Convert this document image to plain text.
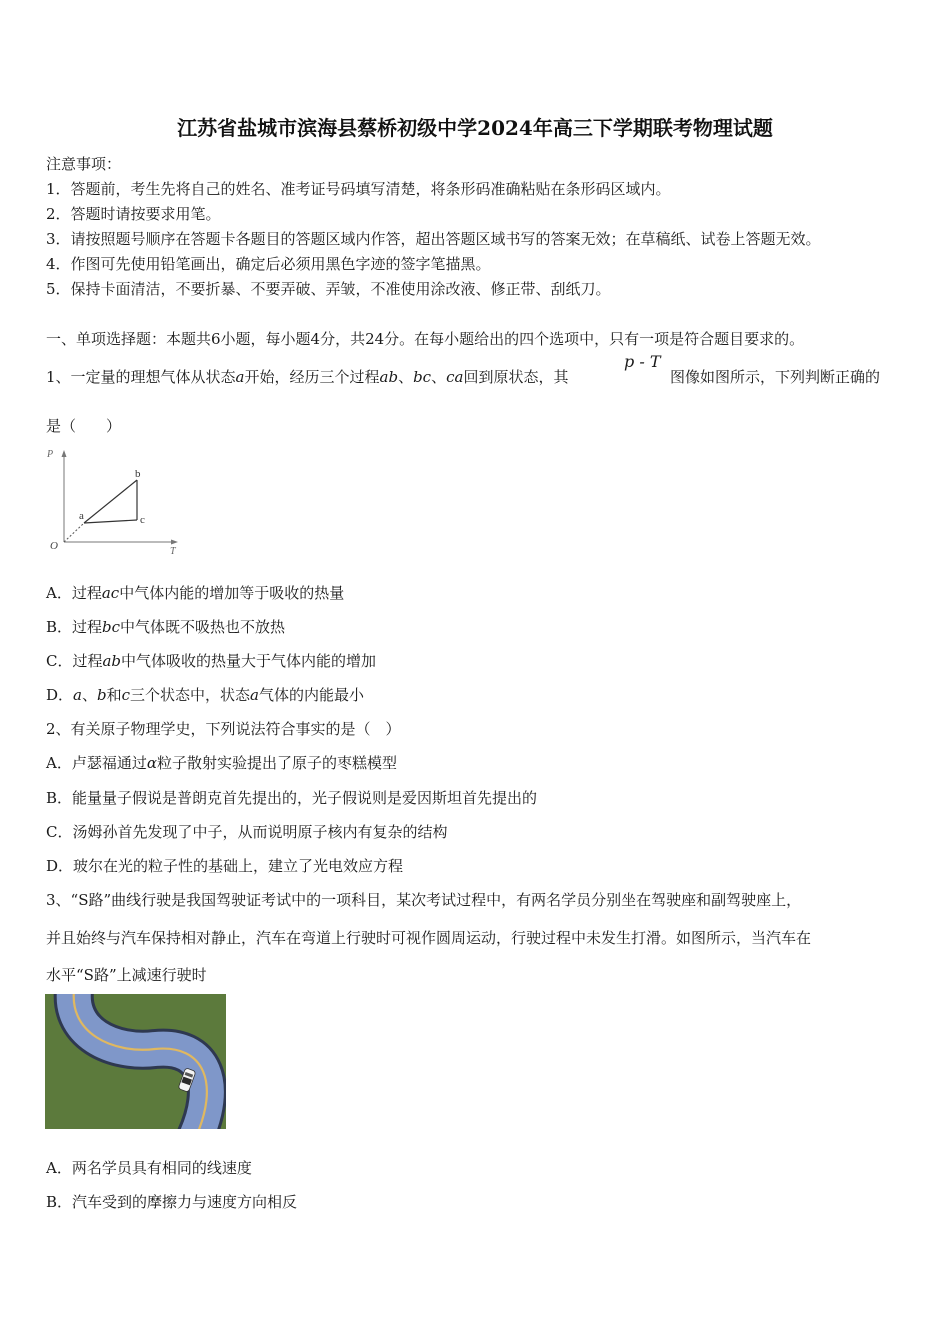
江苏省盐城市滨海县蔡桥初级中学2024年高三下学期联考物理试题
注意事项：
1．答题前，考生先将自己的姓名、准考证号码填写清楚，将条形码准确粘贴在条形码区域内。
2．答题时请按要求用笔。
3．请按照题号顺序在答题卡各题目的答题区域内作答，超出答题区域书写的答案无效；在草稿纸、试卷上答题无效。
4．作图可先使用铅笔画出，确定后必须用黑色字迹的签字笔描黑。
5．保持卡面清洁，不要折暴、不要弄破、弄皱，不准使用涂改液、修正带、刮纸刀。
一、单项选择题：本题共6小题，每小题4分，共24分。在每小题给出的四个选项中，只有一项是符合题目要求的。
1、一定量的理想气体从状态a开始，经历三个过程ab、bc、ca回到原状态，其
p - T
图像如图所示，下列判断正确的
是（　　）
P
T
O
a
b
c
A．过程ac中气体内能的增加等于吸收的热量
B．过程bc中气体既不吸热也不放热
C．过程ab中气体吸收的热量大于气体内能的增加
D．a、b和c三个状态中，状态a气体的内能最小
2、有关原子物理学史，下列说法符合事实的是（　）
A．卢瑟福通过α粒子散射实验提出了原子的枣糕模型
B．能量量子假说是普朗克首先提出的，光子假说则是爱因斯坦首先提出的
C．汤姆孙首先发现了中子，从而说明原子核内有复杂的结构
D．玻尔在光的粒子性的基础上，建立了光电效应方程
3、“S路”曲线行驶是我国驾驶证考试中的一项科目，某次考试过程中，有两名学员分别坐在驾驶座和副驾驶座上，
并且始终与汽车保持相对静止，汽车在弯道上行驶时可视作圆周运动，行驶过程中未发生打滑。如图所示，当汽车在
水平“S路”上减速行驶时
A．两名学员具有相同的线速度
B．汽车受到的摩擦力与速度方向相反
